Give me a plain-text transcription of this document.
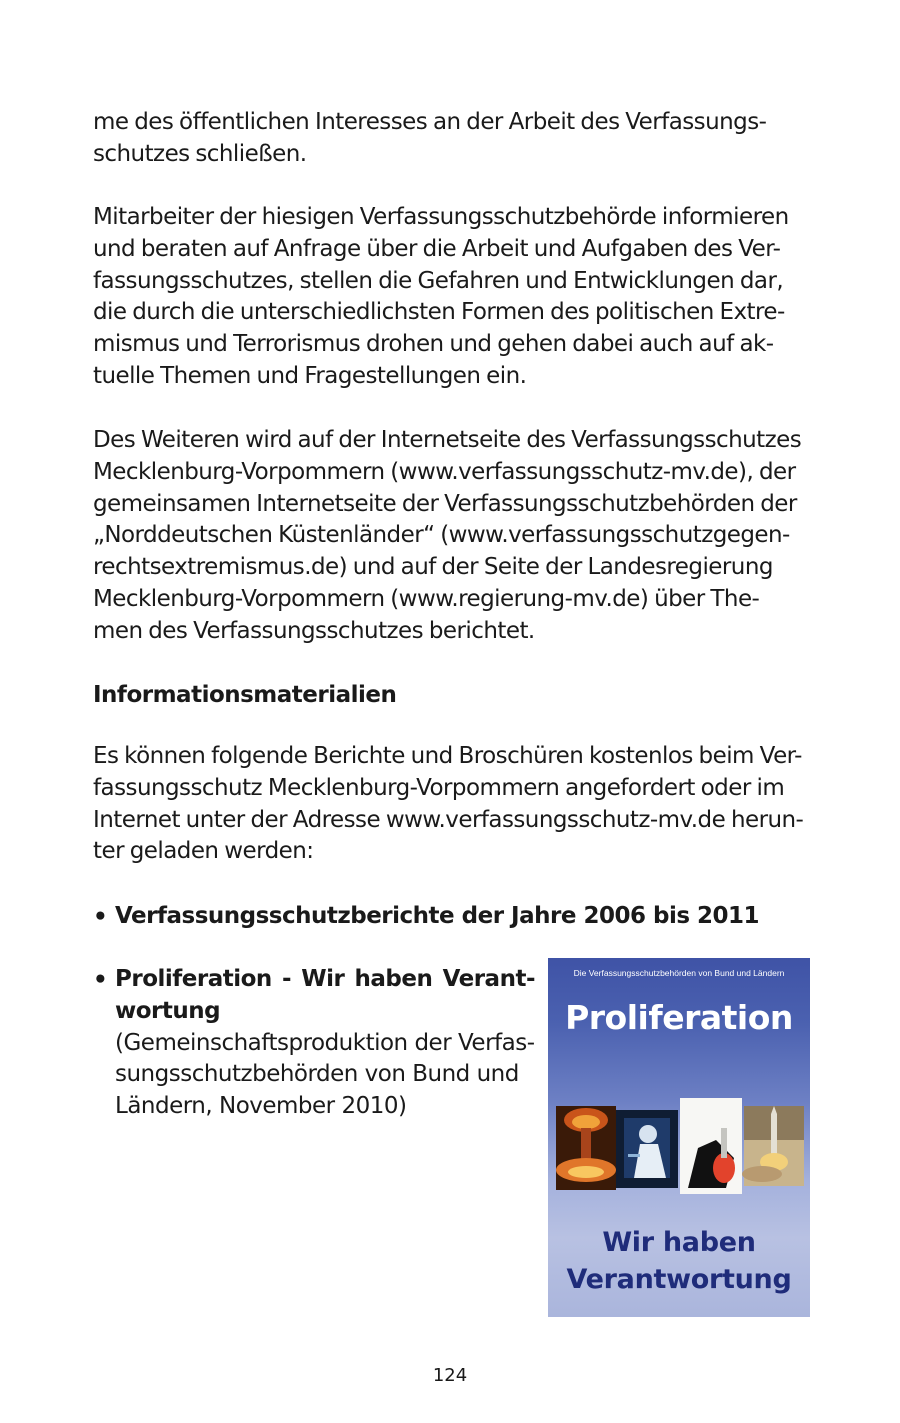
me des öffentlichen Interesses an der Arbeit des Verfassungs-
schutzes schließen.
Mitarbeiter der hiesigen Verfassungsschutzbehörde informieren
und beraten auf Anfrage über die Arbeit und Aufgaben des Ver-
fassungsschutzes, stellen die Gefahren und Entwicklungen dar,
die durch die unterschiedlichsten Formen des politischen Extre-
mismus und Terrorismus drohen und gehen dabei auch auf ak-
tuelle Themen und Fragestellungen ein.
Des Weiteren wird auf der Internetseite des Verfassungsschutzes
Mecklenburg-Vorpommern (www.verfassungsschutz-mv.de), der
gemeinsamen Internetseite der Verfassungsschutzbehörden der
„Norddeutschen Küstenländer“ (www.verfassungsschutzgegen-
rechtsextremismus.de) und auf der Seite der Landesregierung
Mecklenburg-Vorpommern (www.regierung-mv.de) über The-
men des Verfassungsschutzes berichtet.
Informationsmaterialien
Es können folgende Berichte und Broschüren kostenlos beim Ver-
fassungsschutz Mecklenburg-Vorpommern angefordert oder im
Internet unter der Adresse www.verfassungsschutz-mv.de herun-
ter geladen werden:
• Verfassungsschutzberichte der Jahre 2006 bis 2011
• Proliferation - Wir haben Verant-
wortung
(Gemeinschaftsproduktion der Verfas-
sungsschutzbehörden von Bund und
Ländern, November 2010)
Die Verfassungsschutzbehörden von Bund und Ländern
Proliferation
Wir haben
Verantwortung
124
